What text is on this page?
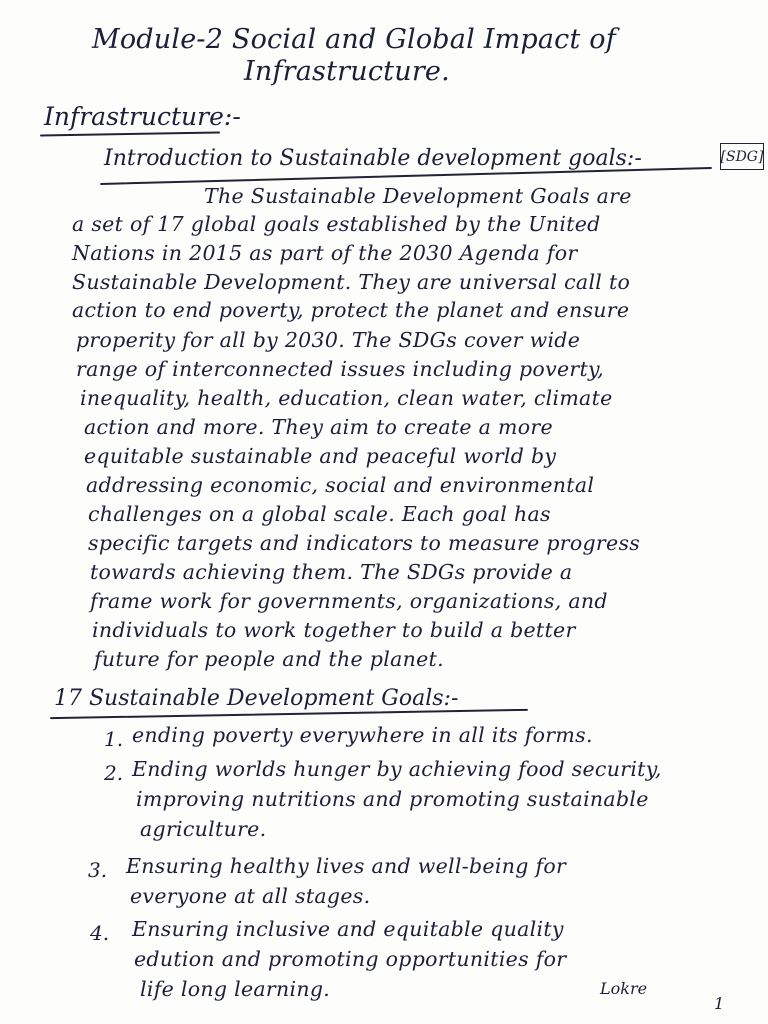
Module-2 Social and Global Impact of
Infrastructure.
Infrastructure:-
Introduction to Sustainable development goals:-	[SDG]
The Sustainable Development Goals are
a set of 17 global goals established by the United
Nations in 2015 as part of the 2030 Agenda for
Sustainable Development. They are universal call to
action to end poverty, protect the planet and ensure
properity for all by 2030. The SDGs cover wide
range of interconnected issues including poverty,
inequality, health, education, clean water, climate
action and more. They aim to create a more
equitable sustainable and peaceful world by
addressing economic, social and environmental
challenges on a global scale. Each goal has
specific targets and indicators to measure progress
towards achieving them. The SDGs provide a
frame work for governments, organizations, and
individuals to work together to build a better
future for people and the planet.
17 Sustainable Development Goals:-
1. ending poverty everywhere in all its forms.
2. Ending worlds hunger by achieving food security,
improving nutritions and promoting sustainable
agriculture.
3. Ensuring healthy lives and well-being for
everyone at all stages.
4. Ensuring inclusive and equitable quality
edution and promoting opportunities for
life long learning.	Lokre
1
